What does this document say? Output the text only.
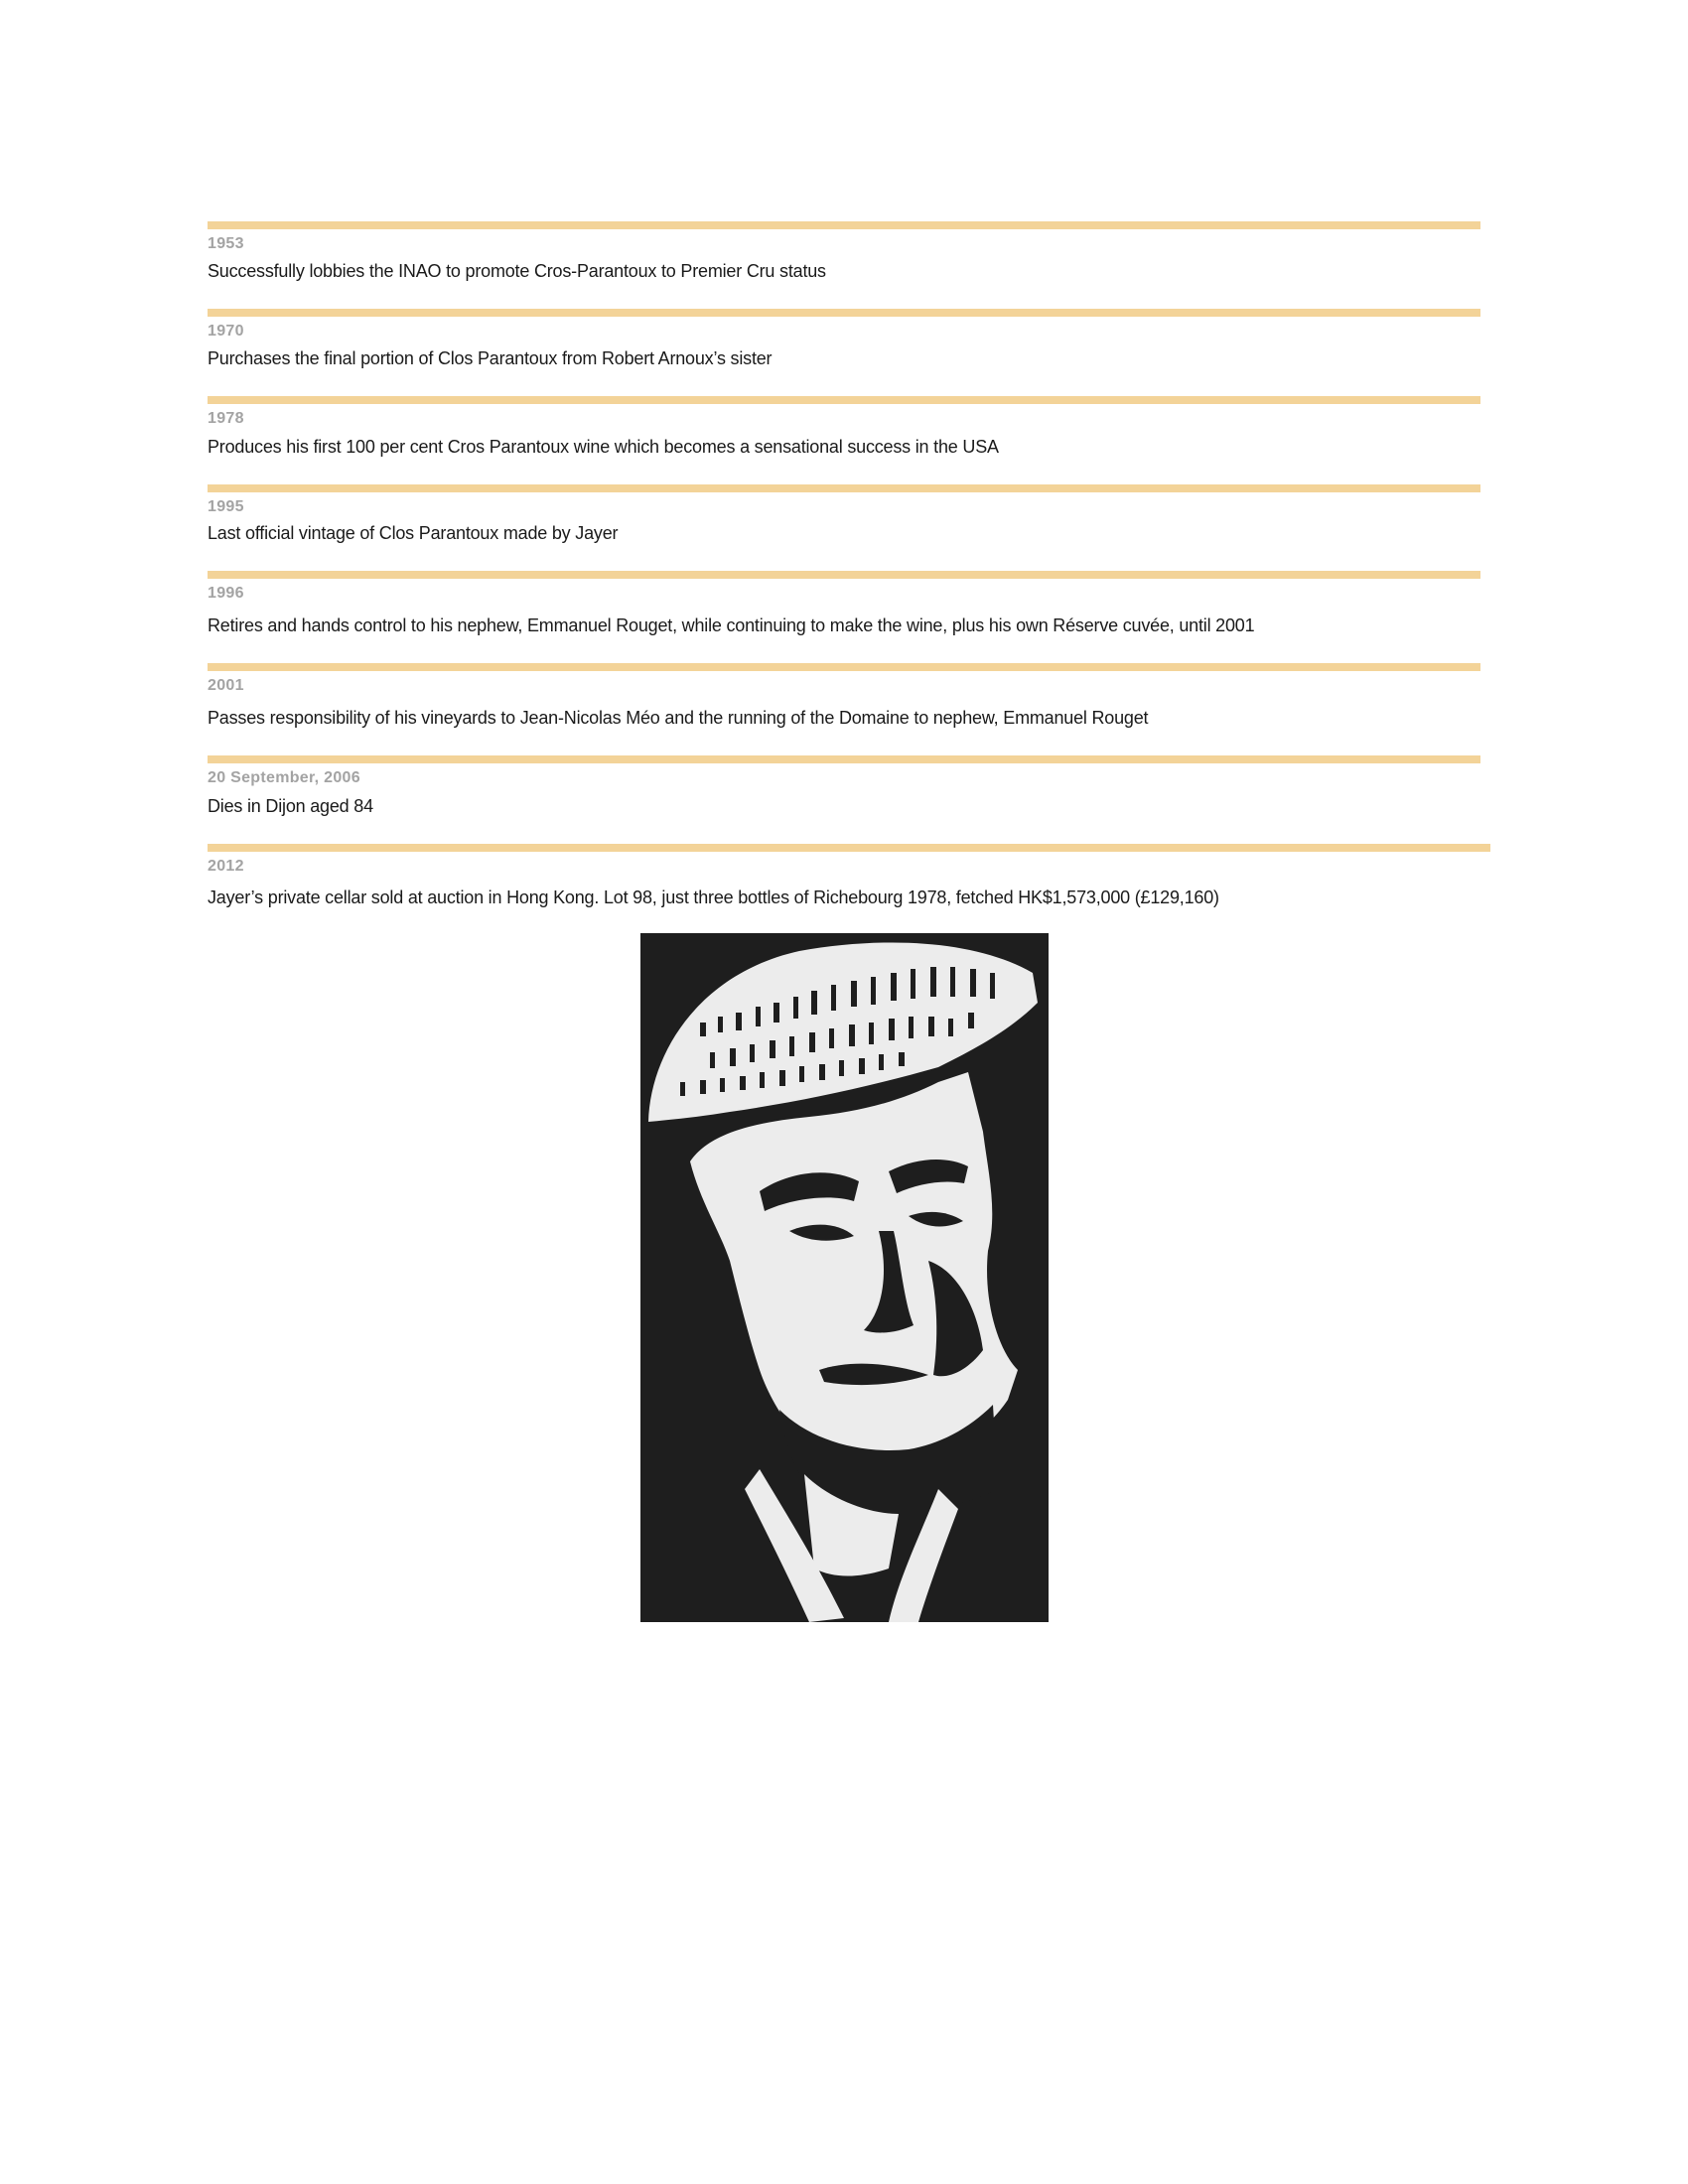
1953
Successfully lobbies the INAO to promote Cros-Parantoux to Premier Cru status
1970
Purchases the final portion of Clos Parantoux from Robert Arnoux’s sister
1978
Produces his first 100 per cent Cros Parantoux wine which becomes a sensational success in the USA
1995
Last official vintage of Clos Parantoux made by Jayer
1996
Retires and hands control to his nephew, Emmanuel Rouget, while continuing to make the wine, plus his own Réserve cuvée, until 2001
2001
Passes responsibility of his vineyards to Jean-Nicolas Méo and the running of the Domaine to nephew, Emmanuel Rouget
20 September, 2006
Dies in Dijon aged 84
2012
Jayer’s private cellar sold at auction in Hong Kong. Lot 98, just three bottles of Richebourg 1978, fetched HK$1,573,000 (£129,160)
